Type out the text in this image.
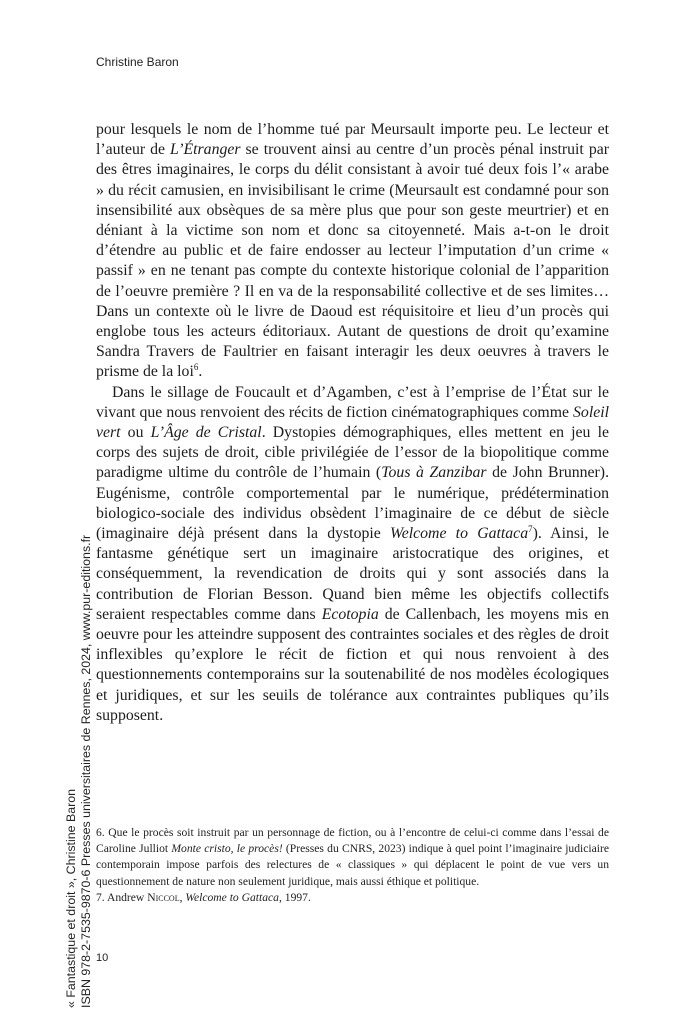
Christine Baron

pour lesquels le nom de l’homme tué par Meursault importe peu. Le lecteur et l’auteur de L’Étranger se trouvent ainsi au centre d’un procès pénal instruit par des êtres imaginaires, le corps du délit consistant à avoir tué deux fois l’« arabe » du récit camusien, en invisibilisant le crime (Meursault est condamné pour son insensibilité aux obsèques de sa mère plus que pour son geste meurtrier) et en déniant à la victime son nom et donc sa citoyenneté. Mais a-t-on le droit d’étendre au public et de faire endosser au lecteur l’imputation d’un crime « passif » en ne tenant pas compte du contexte historique colonial de l’apparition de l’oeuvre première ? Il en va de la responsabilité collective et de ses limites… Dans un contexte où le livre de Daoud est réquisitoire et lieu d’un procès qui englobe tous les acteurs éditoriaux. Autant de questions de droit qu’examine Sandra Travers de Faultrier en faisant interagir les deux oeuvres à travers le prisme de la loi$^6$.

Dans le sillage de Foucault et d’Agamben, c’est à l’emprise de l’État sur le vivant que nous renvoient des récits de fiction cinématographiques comme Soleil vert ou L’Âge de Cristal. Dystopies démographiques, elles mettent en jeu le corps des sujets de droit, cible privilégiée de l’essor de la biopolitique comme paradigme ultime du contrôle de l’humain (Tous à Zanzibar de John Brunner). Eugénisme, contrôle comportemental par le numérique, prédétermination biologico-sociale des individus obsèdent l’imaginaire de ce début de siècle (imaginaire déjà présent dans la dystopie Welcome to Gattaca$^7$). Ainsi, le fantasme génétique sert un imaginaire aristocratique des origines, et conséquemment, la revendication de droits qui y sont associés dans la contribution de Florian Besson. Quand bien même les objectifs collectifs seraient respectables comme dans Ecotopia de Callenbach, les moyens mis en oeuvre pour les atteindre supposent des contraintes sociales et des règles de droit inflexibles qu’explore le récit de fiction et qui nous renvoient à des questionnements contemporains sur la soutenabilité de nos modèles écologiques et juridiques, et sur les seuils de tolérance aux contraintes publiques qu’ils supposent.

6. Que le procès soit instruit par un personnage de fiction, ou à l’encontre de celui-ci comme dans l’essai de Caroline Julliot Monte cristo, le procès! (Presses du CNRS, 2023) indique à quel point l’imaginaire judiciaire contemporain impose parfois des relectures de « classiques » qui déplacent le point de vue vers un questionnement de nature non seulement juridique, mais aussi éthique et politique.

7. Andrew Niccol, Welcome to Gattaca, 1997.

10
« Fantastique et droit », Christine Baron ISBN 978-2-7535-9870-6 Presses universitaires de Rennes, 2024, www.pur-editions.fr
